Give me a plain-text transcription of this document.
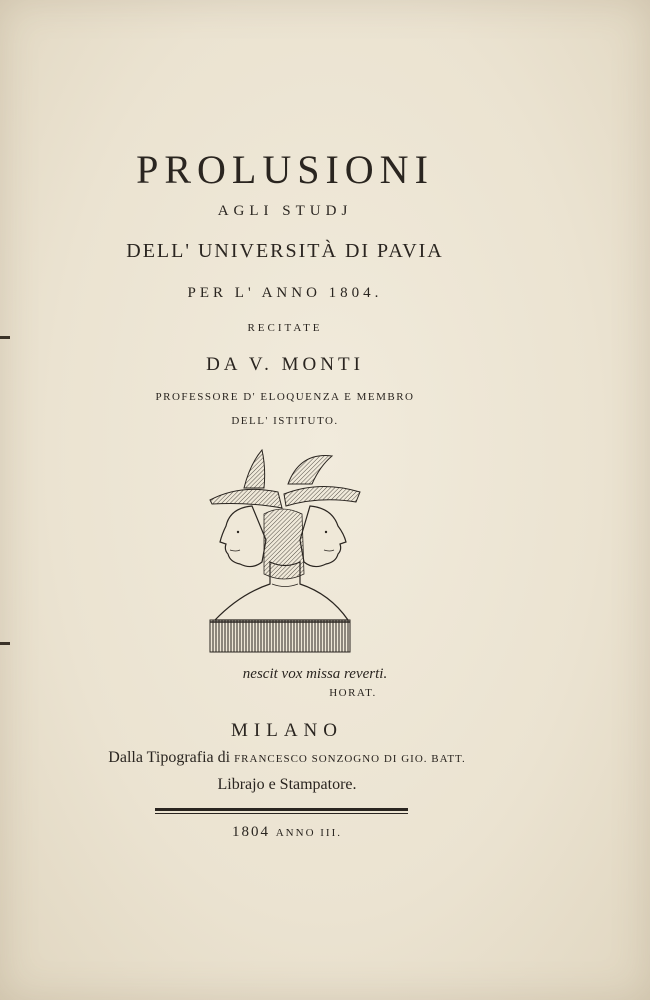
PROLUSIONI
AGLI STUDJ
DELL' UNIVERSITÀ DI PAVIA
PER L' ANNO 1804.
RECITATE
DA V. MONTI
PROFESSORE D' ELOQUENZA E MEMBRO
DELL' ISTITUTO.
nescit vox missa reverti.
HORAT.
MILANO
Dalla Tipografia di FRANCESCO SONZOGNO DI GIO. BATT.
Librajo e Stampatore.
1804 ANNO III.
